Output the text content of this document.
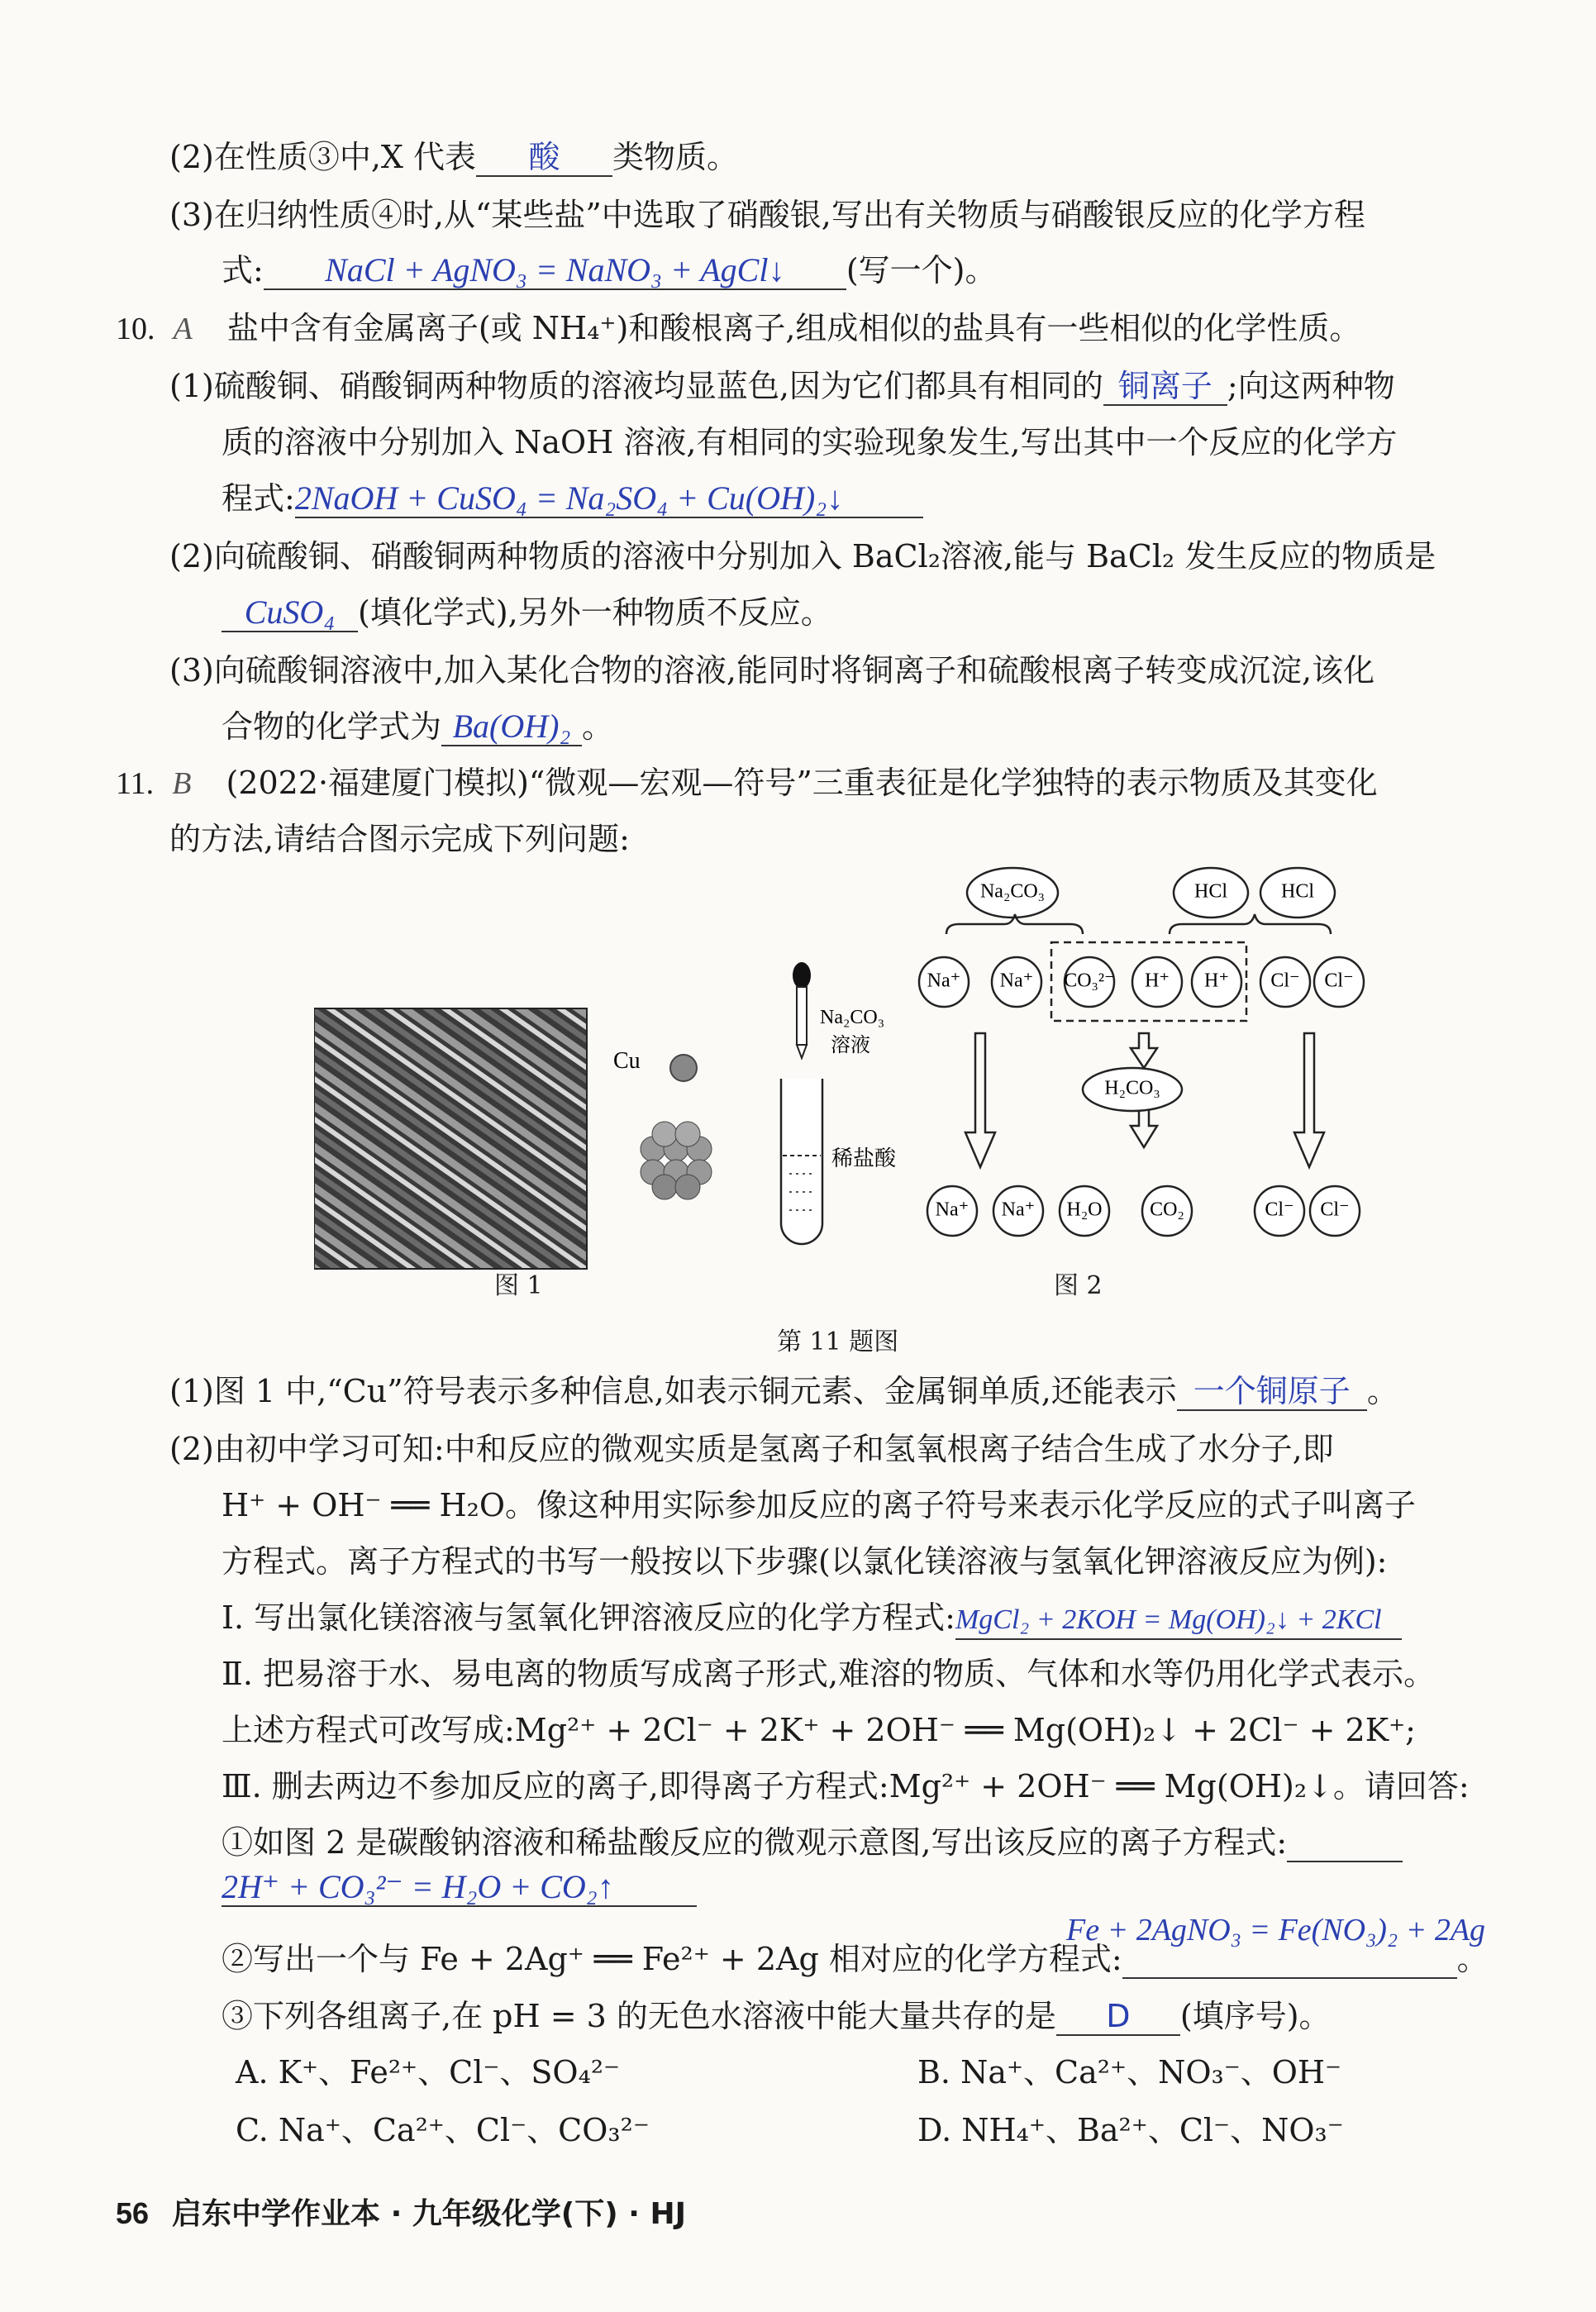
(2)在性质③中,X 代表 酸 类物质。
(3)在归纳性质④时,从“某些盐”中选取了硝酸银,写出有关物质与硝酸银反应的化学方程
式: NaCl + AgNO₃ = NaNO₃ + AgCl↓ (写一个)。
10. A 盐中含有金属离子(或 NH₄⁺)和酸根离子,组成相似的盐具有一些相似的化学性质。
(1)硫酸铜、硝酸铜两种物质的溶液均显蓝色,因为它们都具有相同的 铜离子 ;向这两种物
质的溶液中分别加入 NaOH 溶液,有相同的实验现象发生,写出其中一个反应的化学方
程式:2NaOH + CuSO₄ = Na₂SO₄ + Cu(OH)₂↓
(2)向硫酸铜、硝酸铜两种物质的溶液中分别加入 BaCl₂溶液,能与 BaCl₂ 发生反应的物质是
CuSO₄ (填化学式),另外一种物质不反应。
(3)向硫酸铜溶液中,加入某化合物的溶液,能同时将铜离子和硫酸根离子转变成沉淀,该化
合物的化学式为 Ba(OH)₂ 。
11. B (2022·福建厦门模拟)“微观—宏观—符号”三重表征是化学独特的表示物质及其变化
的方法,请结合图示完成下列问题:
Cu
Na₂CO₃
溶液
稀盐酸
图 1
Na₂CO₃	HCl	HCl
Na⁺ Na⁺ CO₃²⁻ H⁺ H⁺ Cl⁻ Cl⁻
H₂CO₃
Na⁺ Na⁺ H₂O CO₂	Cl⁻ Cl⁻
图 2
第 11 题图
(1)图 1 中,“Cu”符号表示多种信息,如表示铜元素、金属铜单质,还能表示 一个铜原子 。
(2)由初中学习可知:中和反应的微观实质是氢离子和氢氧根离子结合生成了水分子,即
H⁺ + OH⁻ ══ H₂O。像这种用实际参加反应的离子符号来表示化学反应的式子叫离子
方程式。离子方程式的书写一般按以下步骤(以氯化镁溶液与氢氧化钾溶液反应为例):
Ⅰ. 写出氯化镁溶液与氢氧化钾溶液反应的化学方程式:MgCl₂ + 2KOH = Mg(OH)₂↓ + 2KCl
Ⅱ. 把易溶于水、易电离的物质写成离子形式,难溶的物质、气体和水等仍用化学式表示。
上述方程式可改写成:Mg²⁺ + 2Cl⁻ + 2K⁺ + 2OH⁻ ══ Mg(OH)₂↓ + 2Cl⁻ + 2K⁺;
Ⅲ. 删去两边不参加反应的离子,即得离子方程式:Mg²⁺ + 2OH⁻ ══ Mg(OH)₂↓。请回答:
①如图 2 是碳酸钠溶液和稀盐酸反应的微观示意图,写出该反应的离子方程式:
2H⁺ + CO₃²⁻ = H₂O + CO₂↑
Fe + 2AgNO₃ = Fe(NO₃)₂ + 2Ag
②写出一个与 Fe + 2Ag⁺ ══ Fe²⁺ + 2Ag 相对应的化学方程式:	。
③下列各组离子,在 pH = 3 的无色水溶液中能大量共存的是 D (填序号)。
A. K⁺、Fe²⁺、Cl⁻、SO₄²⁻	B. Na⁺、Ca²⁺、NO₃⁻、OH⁻
C. Na⁺、Ca²⁺、Cl⁻、CO₃²⁻	D. NH₄⁺、Ba²⁺、Cl⁻、NO₃⁻
56 启东中学作业本 · 九年级化学(下) · HJ
